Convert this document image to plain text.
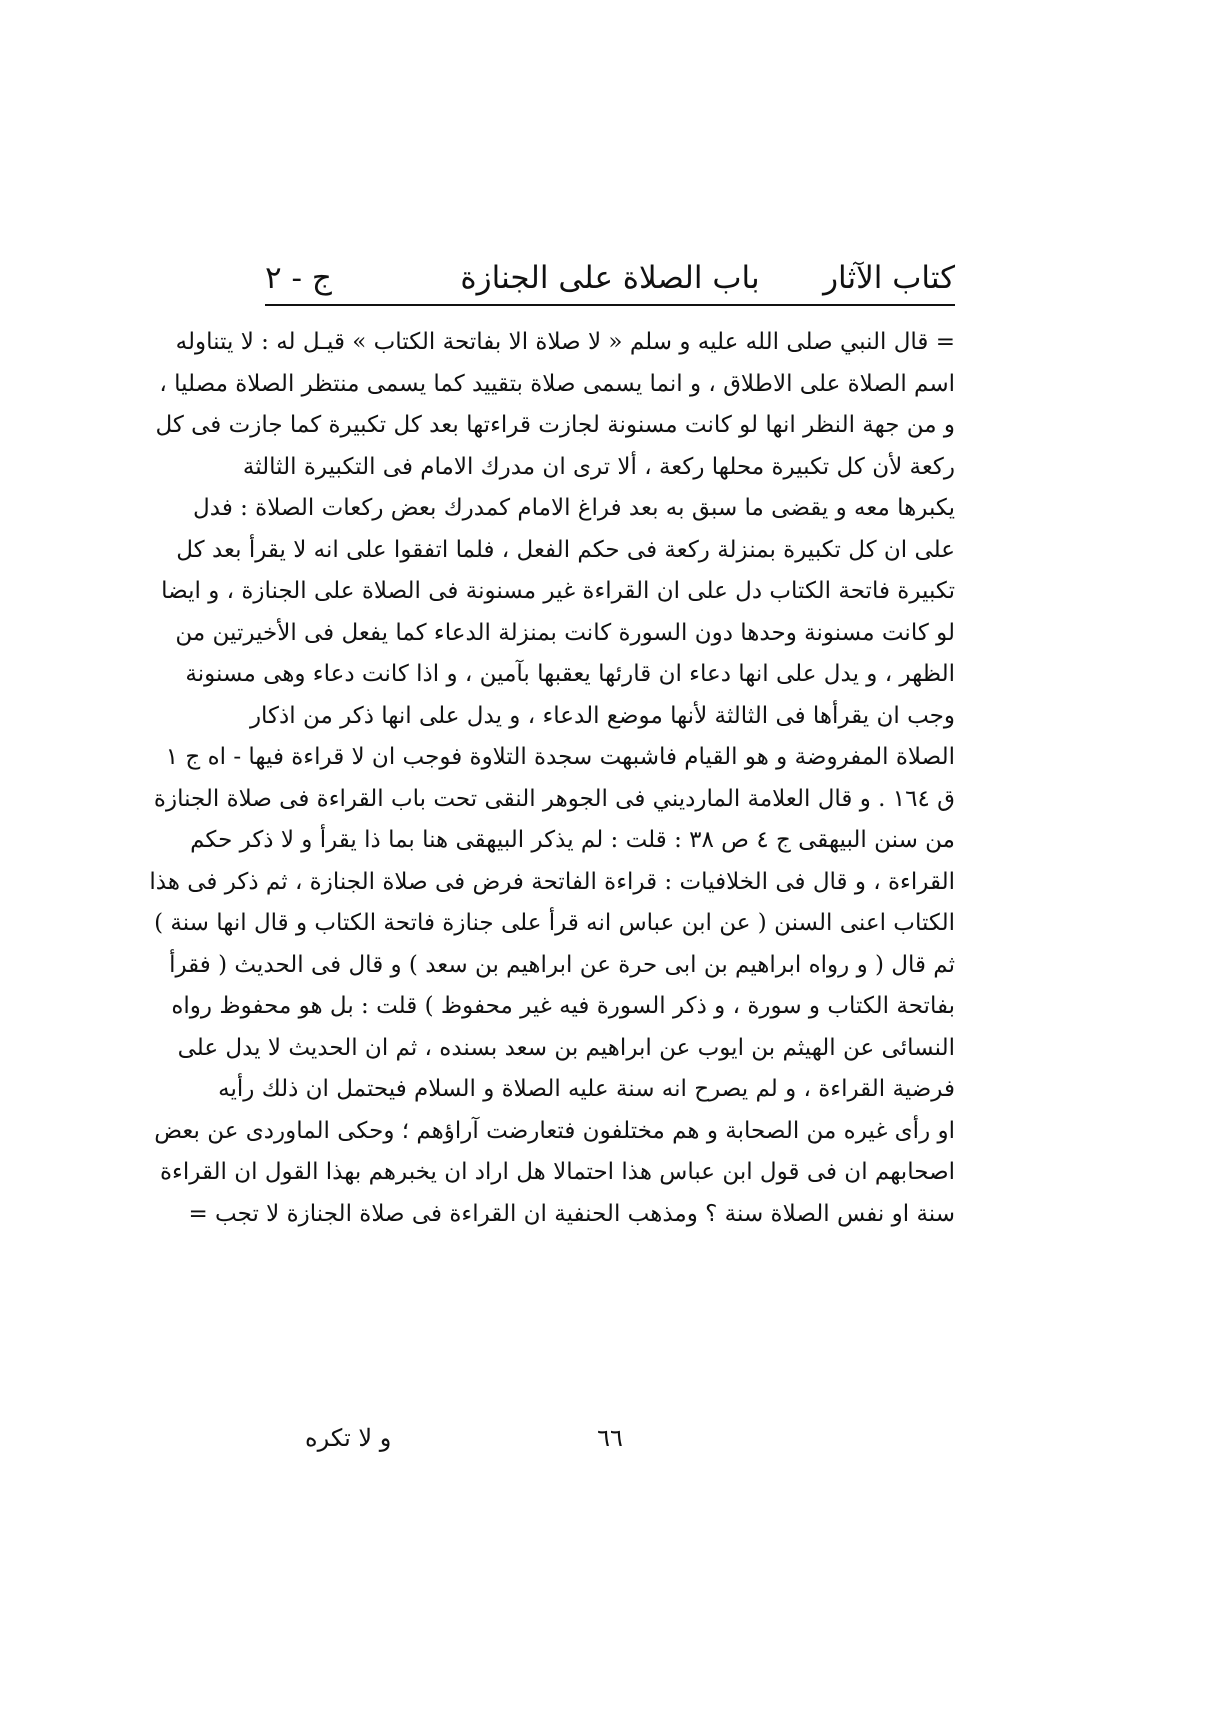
كتاب الآثار
باب الصلاة على الجنازة
ج - ٢
= قال النبي صلى الله عليه و سلم « لا صلاة الا بفاتحة الكتاب » قيـل له : لا يتناوله
اسم الصلاة على الاطلاق ، و انما يسمى صلاة بتقييد كما يسمى منتظر الصلاة مصليا ،
و من جهة النظر انها لو كانت مسنونة لجازت قراءتها بعد كل تكبيرة كما جازت فى كل
ركعة لأن كل تكبيرة محلها ركعة ، ألا ترى ان مدرك الامام فى التكبيرة الثالثة
يكبرها معه و يقضى ما سبق به بعد فراغ الامام كمدرك بعض ركعات الصلاة : فدل
على ان كل تكبيرة بمنزلة ركعة فى حكم الفعل ، فلما اتفقوا على انه لا يقرأ بعد كل
تكبيرة فاتحة الكتاب دل على ان القراءة غير مسنونة فى الصلاة على الجنازة ، و ايضا
لو كانت مسنونة وحدها دون السورة كانت بمنزلة الدعاء كما يفعل فى الأخيرتين من
الظهر ، و يدل على انها دعاء ان قارئها يعقبها بآمين ، و اذا كانت دعاء وهى مسنونة
وجب ان يقرأها فى الثالثة لأنها موضع الدعاء ، و يدل على انها ذكر من اذكار
الصلاة المفروضة و هو القيام فاشبهت سجدة التلاوة فوجب ان لا قراءة فيها - اه ج ١
ق ١٦٤ . و قال العلامة المارديني فى الجوهر النقى تحت باب القراءة فى صلاة الجنازة
من سنن البيهقى ج ٤ ص ٣٨ : قلت : لم يذكر البيهقى هنا بما ذا يقرأ و لا ذكر حكم
القراءة ، و قال فى الخلافيات : قراءة الفاتحة فرض فى صلاة الجنازة ، ثم ذكر فى هذا
الكتاب اعنى السنن ( عن ابن عباس انه قرأ على جنازة فاتحة الكتاب و قال انها سنة )
ثم قال ( و رواه ابراهيم بن ابى حرة عن ابراهيم بن سعد ) و قال فى الحديث ( فقرأ
بفاتحة الكتاب و سورة ، و ذكر السورة فيه غير محفوظ ) قلت : بل هو محفوظ رواه
النسائى عن الهيثم بن ايوب عن ابراهيم بن سعد بسنده ، ثم ان الحديث لا يدل على
فرضية القراءة ، و لم يصرح انه سنة عليه الصلاة و السلام فيحتمل ان ذلك رأيه
او رأى غيره من الصحابة و هم مختلفون فتعارضت آراؤهم ؛ وحكى الماوردى عن بعض
اصحابهم ان فى قول ابن عباس هذا احتمالا هل اراد ان يخبرهم بهذا القول ان القراءة
سنة او نفس الصلاة سنة ؟ ومذهب الحنفية ان القراءة فى صلاة الجنازة لا تجب =
٦٦
و لا تكره
